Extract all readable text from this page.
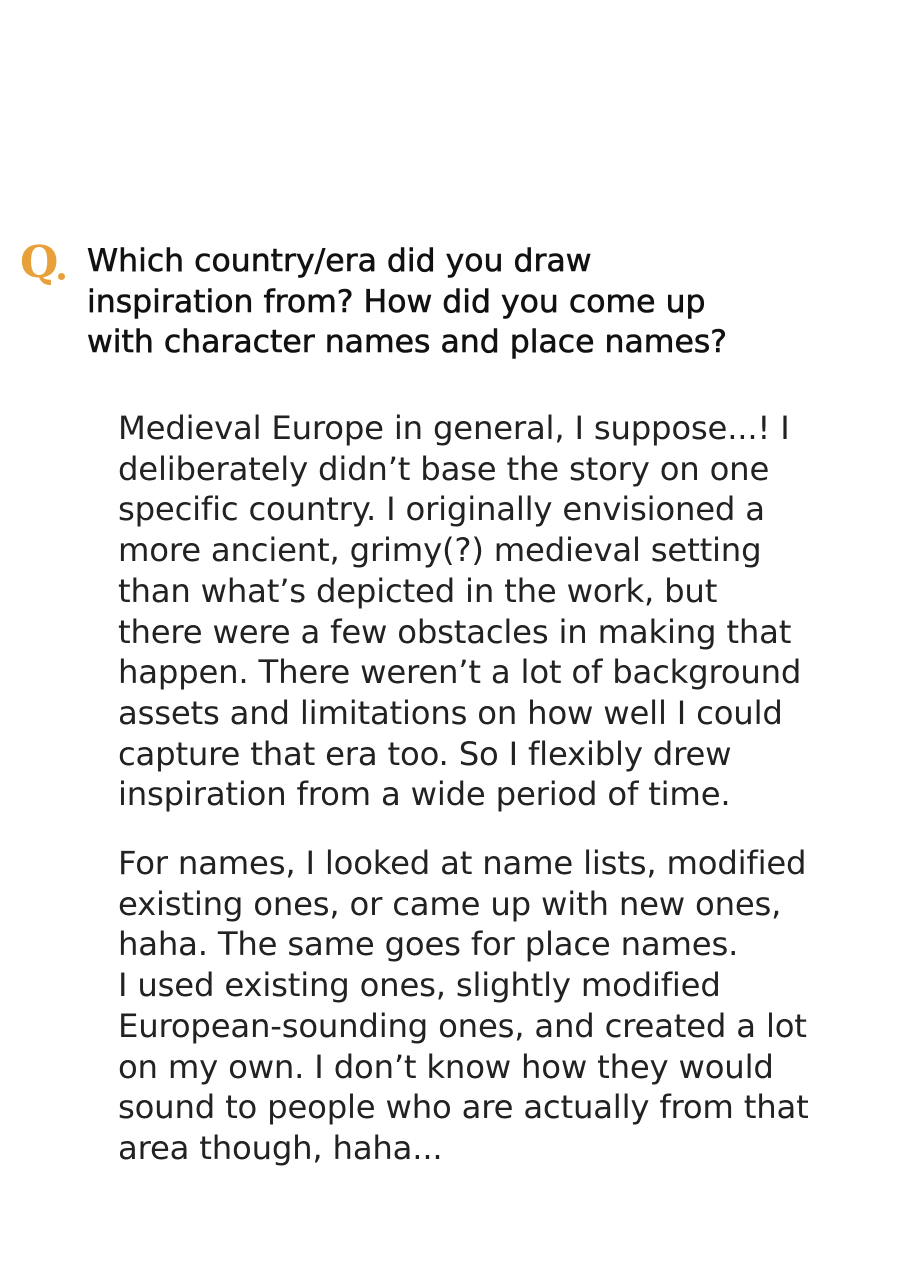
Q Which country/era did you draw
inspiration from? How did you come up
with character names and place names?

Medieval Europe in general, I suppose...! I
deliberately didn’t base the story on one
specific country. I originally envisioned a
more ancient, grimy(?) medieval setting
than what’s depicted in the work, but
there were a few obstacles in making that
happen. There weren’t a lot of background
assets and limitations on how well I could
capture that era too. So I flexibly drew
inspiration from a wide period of time.

For names, I looked at name lists, modified
existing ones, or came up with new ones,
haha. The same goes for place names.
I used existing ones, slightly modified
European-sounding ones, and created a lot
on my own. I don’t know how they would
sound to people who are actually from that
area though, haha...
